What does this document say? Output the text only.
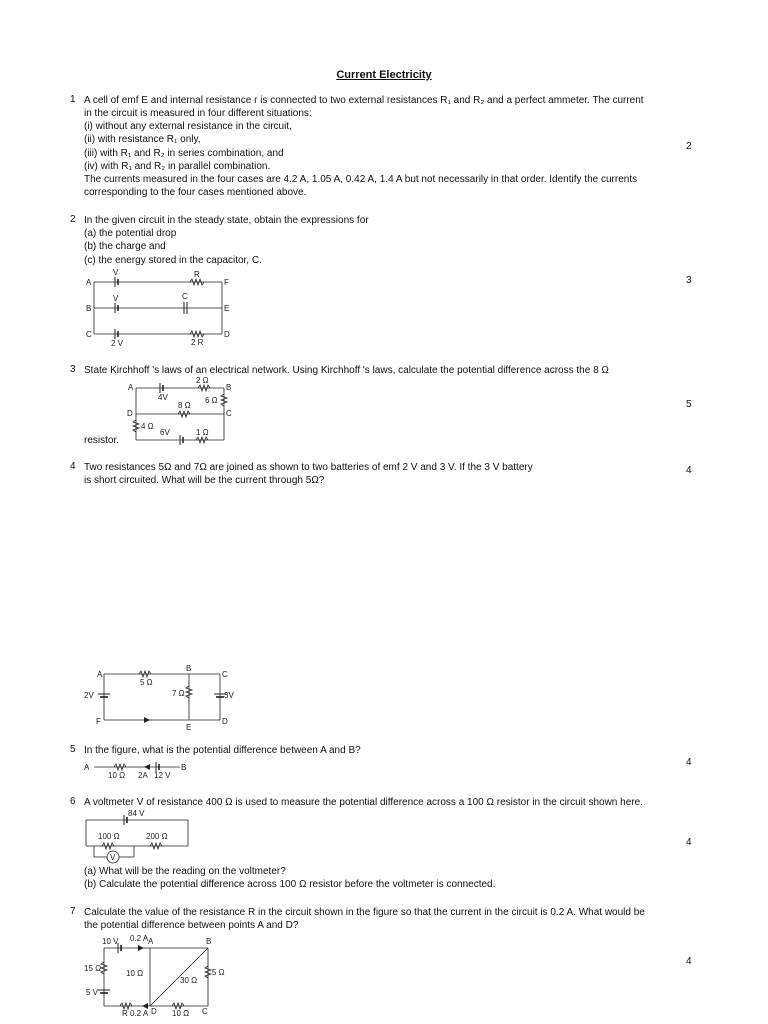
Current Electricity
1 A cell of emf E and internal resistance r is connected to two external resistances R₁ and R₂ and a perfect ammeter. The current
in the circuit is measured in four different situations:
(i) without any external resistance in the circuit,
(ii) with resistance R₁ only,
(iii) with R₁ and R₂ in series combination, and
(iv) with R₁ and R₂ in parallel combination.
The currents measured in the four cases are 4.2 A, 1.05 A, 0.42 A, 1.4 A but not necessarily in that order. Identify the currents
corresponding to the four cases mentioned above.
2
2 In the given circuit in the steady state, obtain the expressions for
(a) the potential drop
(b) the charge and
(c) the energy stored in the capacitor, C.
3
A
B
C
F
E
D
V
V
2 V
R
2 R
C
3 State Kirchhoff 's laws of an electrical network. Using Kirchhoff 's laws, calculate the potential difference across the 8 Ω
resistor.
5
A	B
C
D
4V
6V
2 Ω
6 Ω
8 Ω
4 Ω
1 Ω
4 Two resistances 5Ω and 7Ω are joined as shown to two batteries of emf 2 V and 3 V. If the 3 V battery
is short circuited. What will be the current through 5Ω?
4
A
B
C
D
E
F
2V	3V
5 Ω
7 Ω
5 In the figure, what is the potential difference between A and B?
4
A	B
10 Ω 2A 12 V
6 A voltmeter V of resistance 400 Ω is used to measure the potential difference across a 100 Ω resistor in the circuit shown here.
(a) What will be the reading on the voltmeter?
(b) Calculate the potential difference across 100 Ω resistor before the voltmeter is connected.
4
84 V
100 Ω	200 Ω
V
7 Calculate the value of the resistance R in the circuit shown in the figure so that the current in the circuit is 0.2 A. What would be
the potential difference between points A and D?
4
10 V 0.2 A A	B
15 Ω
10 Ω
30 Ω
5 Ω
5 V
R 0.2 A D 10 Ω C
